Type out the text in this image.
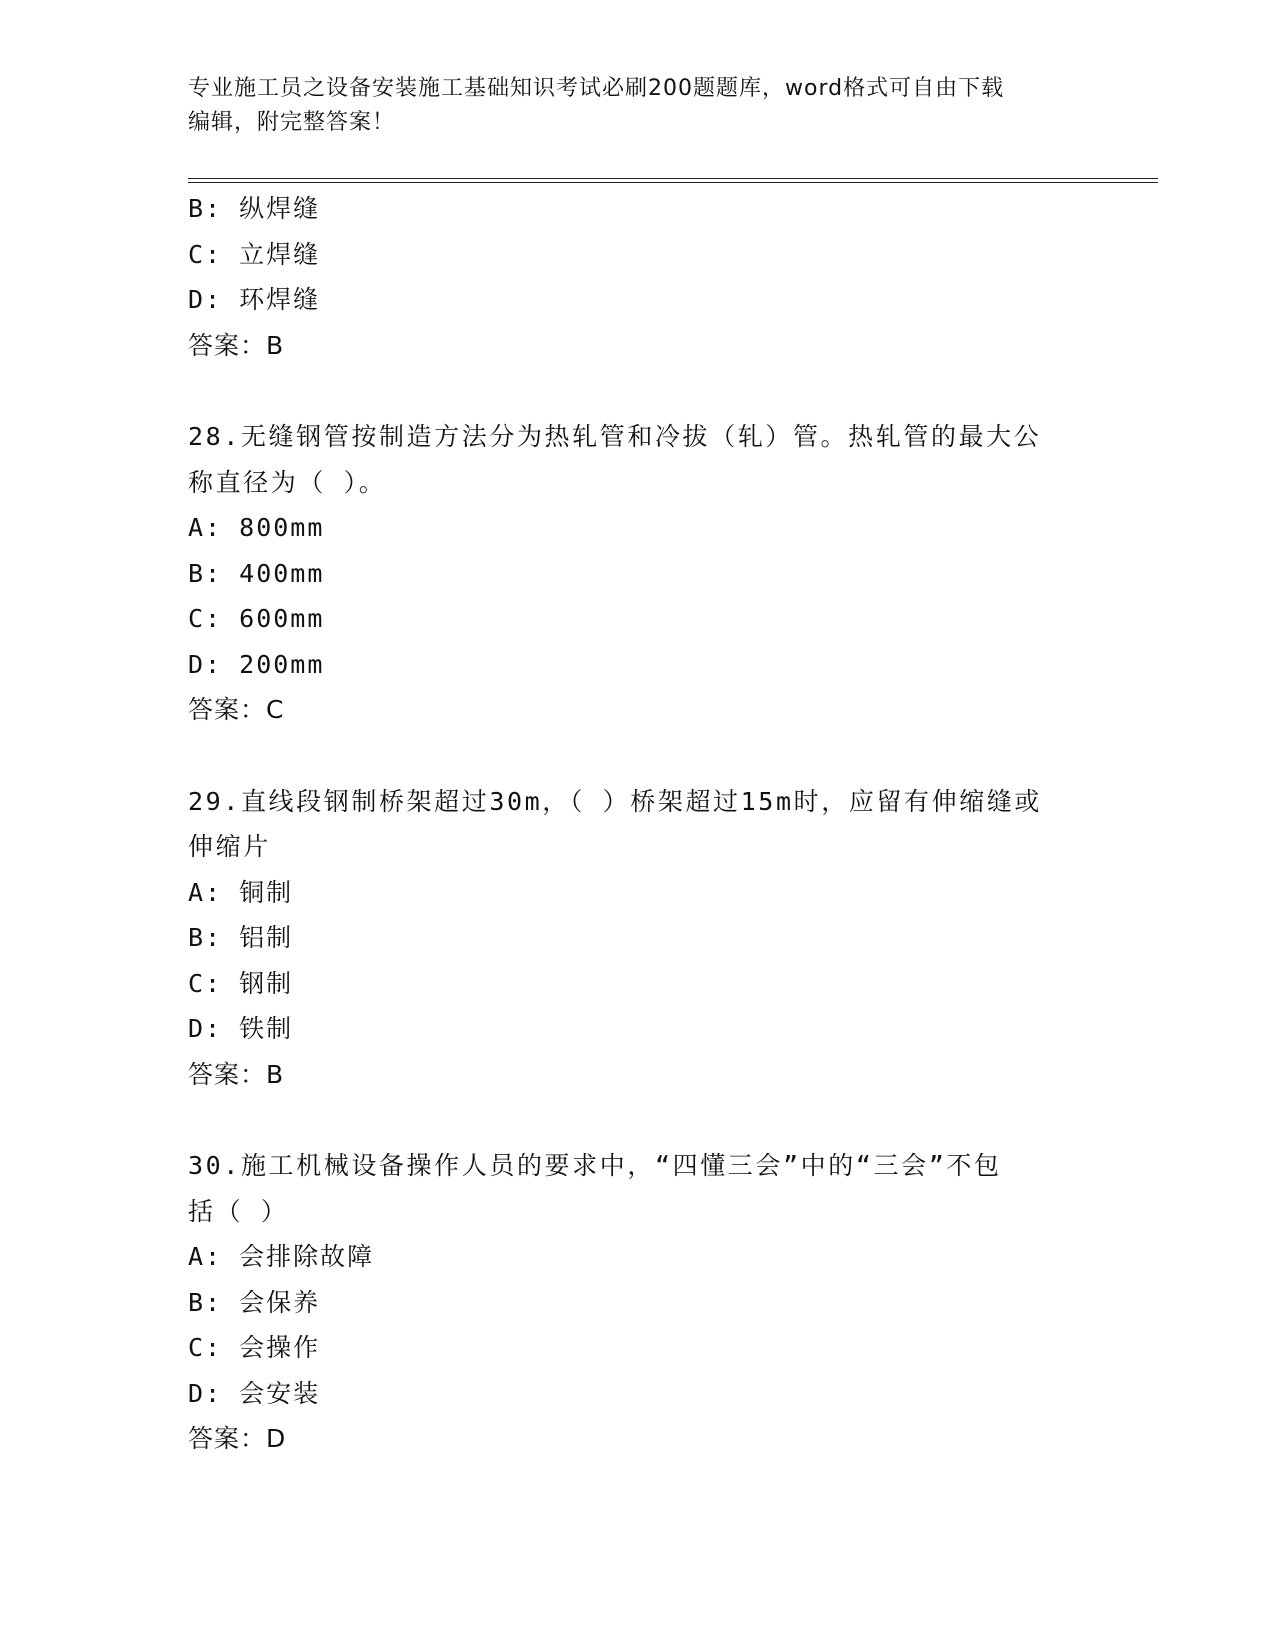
专业施工员之设备安装施工基础知识考试必刷200题题库，word格式可自由下载
编辑，附完整答案！
B: 纵焊缝
C: 立焊缝
D: 环焊缝
答案：B
28.无缝钢管按制造方法分为热轧管和冷拔（轧）管。热轧管的最大公
称直径为（ ）。
A: 800mm
B: 400mm
C: 600mm
D: 200mm
答案：C
29.直线段钢制桥架超过30m，（ ）桥架超过15m时，应留有伸缩缝或
伸缩片
A: 铜制
B: 铝制
C: 钢制
D: 铁制
答案：B
30.施工机械设备操作人员的要求中，“四懂三会”中的“三会”不包
括（ ）
A: 会排除故障
B: 会保养
C: 会操作
D: 会安装
答案：D
